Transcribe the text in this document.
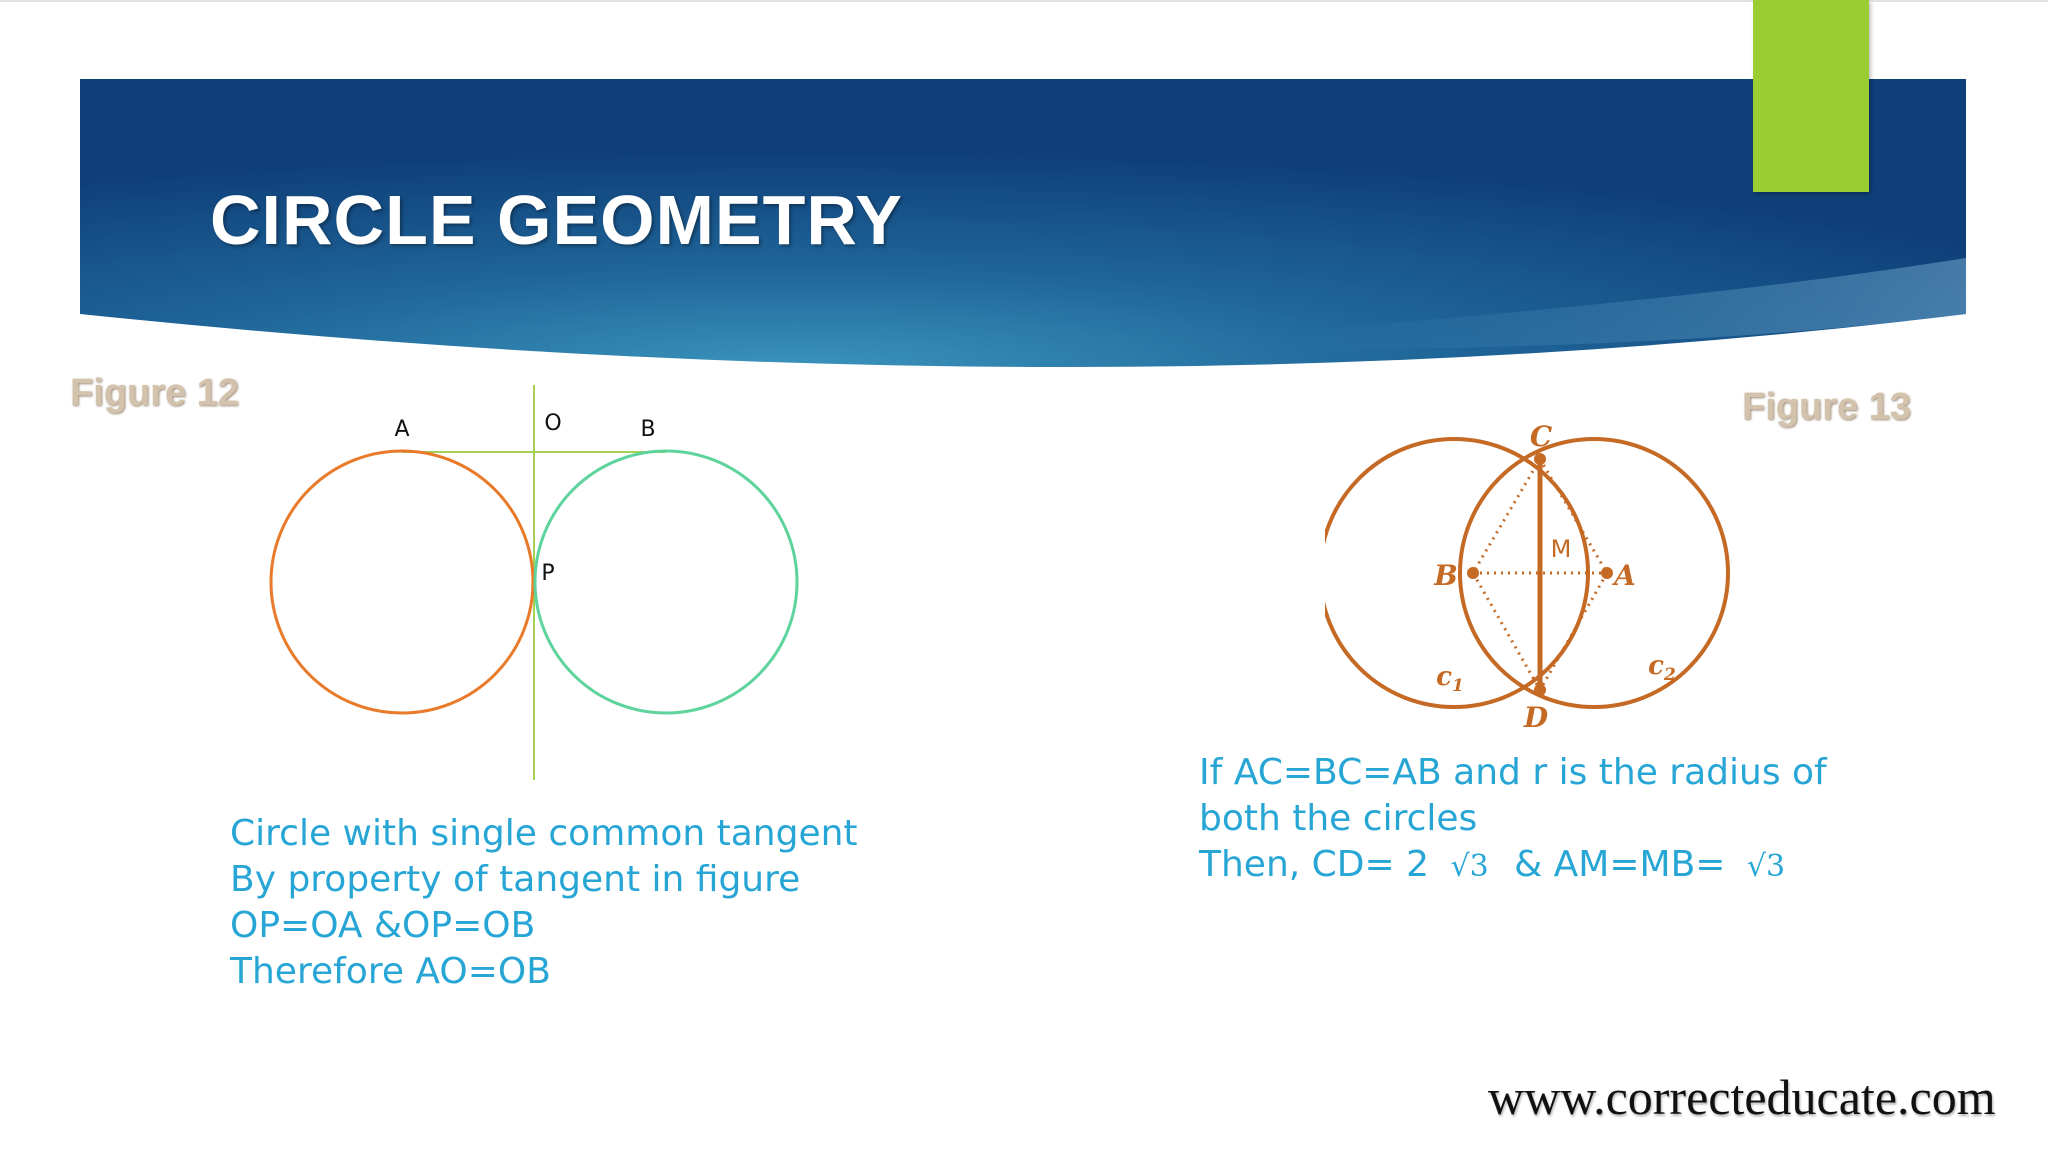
CIRCLE GEOMETRY
Figure 12	Figure 13
A	O	B
P
C
M
B	A
D
$c_1$
$c_2$
Circle with single common tangent
By property of tangent in figure
OP=OA &OP=OB
Therefore AO=OB
If AC=BC=AB and r is the radius of
both the circles
Then, CD= 2 √3 & AM=MB= √3
www.correcteducate.com
